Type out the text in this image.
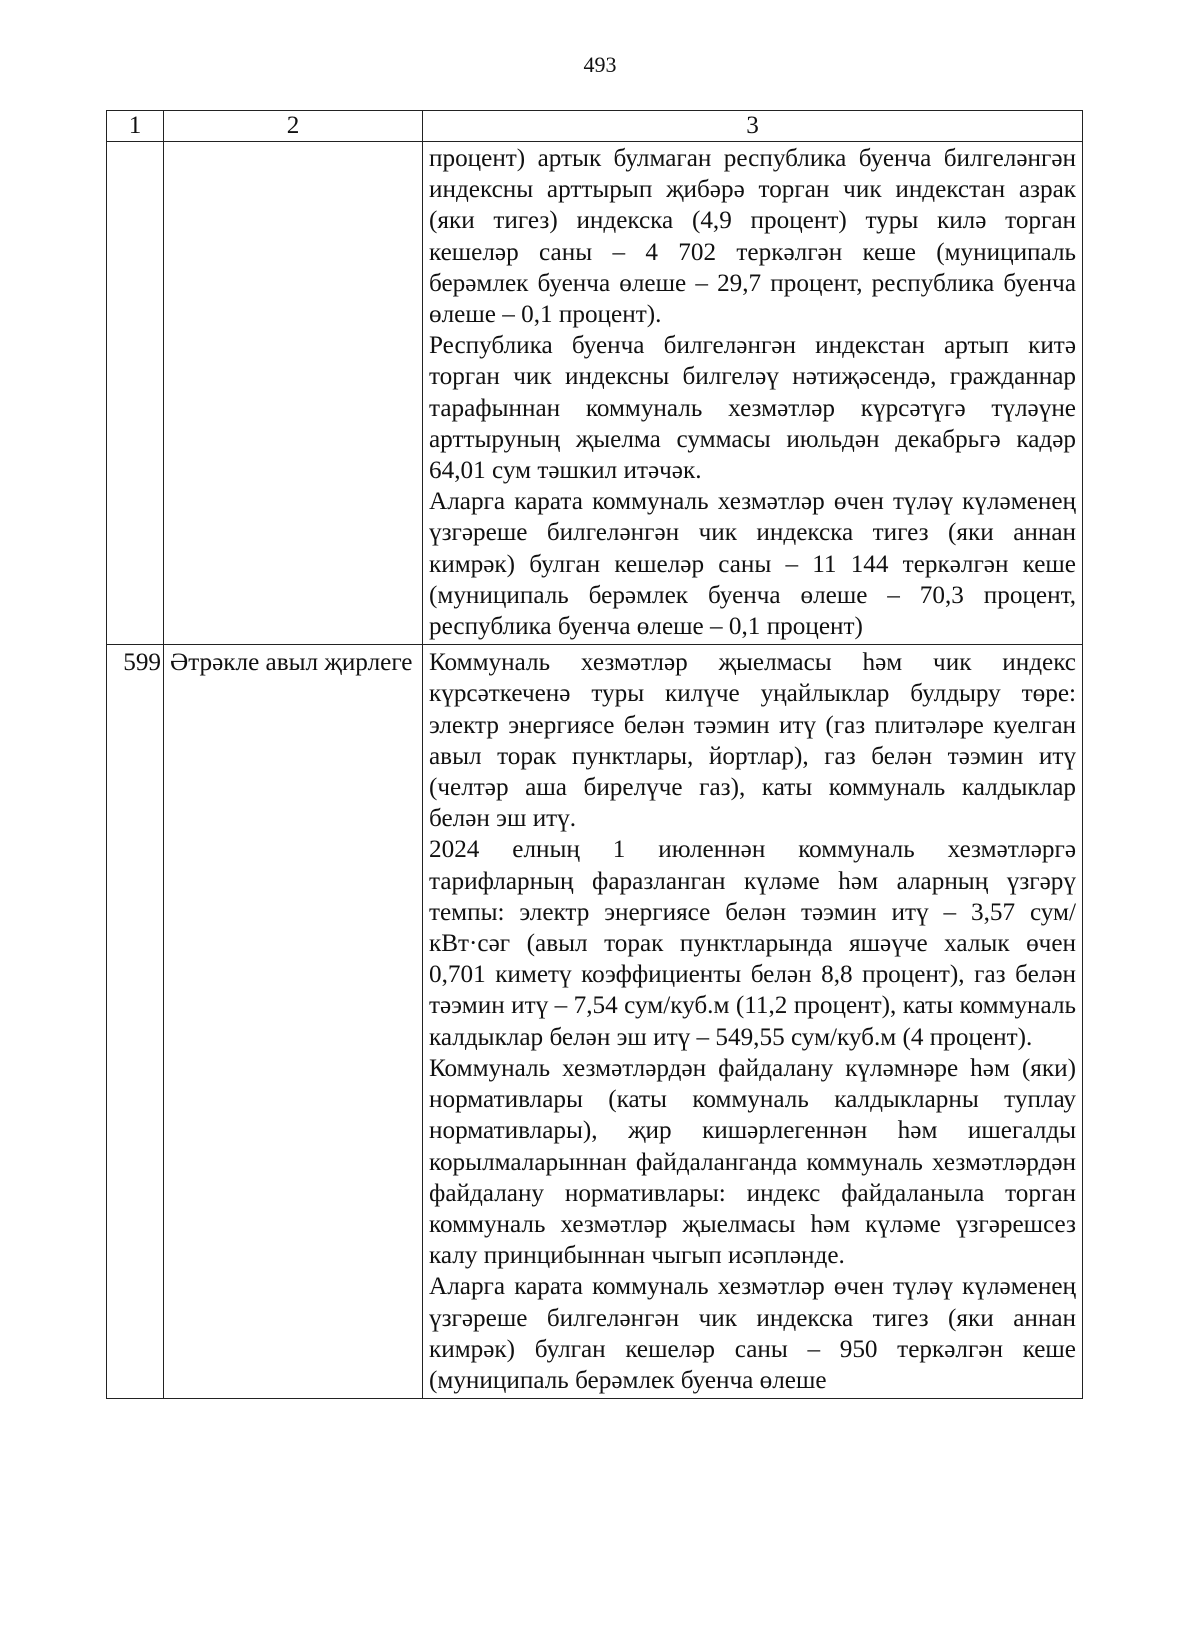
493
1	2	3

		процент) артык булмаган республика буенча билгеләнгән индексны арттырып җибәрә торган чик индекстан азрак (яки тигез) индекска (4,9 процент) туры килә торган кешеләр саны – 4 702 теркәлгән кеше (муниципаль берәмлек буенча өлеше – 29,7 процент, республика буенча өлеше – 0,1 процент).

Республика буенча билгеләнгән индекстан артып китә торган чик индексны билгеләү нәтиҗәсендә, гражданнар тарафыннан коммуналь хезмәтләр күрсәтүгә түләүне арттыруның җыелма суммасы июльдән декабрьгә кадәр 64,01 сум тәшкил итәчәк.

Аларга карата коммуналь хезмәтләр өчен түләү күләменең үзгәреше билгеләнгән чик индекска тигез (яки аннан кимрәк) булган кешеләр саны – 11 144 теркәлгән кеше (муниципаль берәмлек буенча өлеше – 70,3 процент, республика буенча өлеше – 0,1 процент)

599	Әтрәкле авыл җирлеге	Коммуналь хезмәтләр җыелмасы һәм чик индекс күрсәткеченә туры килүче уңайлыклар булдыру төре: электр энергиясе белән тәэмин итү (газ плитәләре куелган авыл торак пунктлары, йортлар), газ белән тәэмин итү (челтәр аша бирелүче газ), каты коммуналь калдыклар белән эш итү.

2024 елның 1 июленнән коммуналь хезмәтләргә тарифларның фаразланган күләме һәм аларның үзгәрү темпы: электр энергиясе белән тәэмин итү – 3,57 сум/кВт·сәг (авыл торак пунктларында яшәүче халык өчен 0,701 киметү коэффициенты белән 8,8 процент), газ белән тәэмин итү – 7,54 сум/куб.м (11,2 процент), каты коммуналь калдыклар белән эш итү – 549,55 сум/куб.м (4 процент).

Коммуналь хезмәтләрдән файдалану күләмнәре һәм (яки) нормативлары (каты коммуналь калдыкларны туплау нормативлары), җир кишәрлегеннән һәм ишегалды корылмаларыннан файдаланганда коммуналь хезмәтләрдән файдалану нормативлары: индекс файдаланыла торган коммуналь хезмәтләр җыелмасы һәм күләме үзгәрешсез калу принцибыннан чыгып исәпләнде.

Аларга карата коммуналь хезмәтләр өчен түләү күләменең үзгәреше билгеләнгән чик индекска тигез (яки аннан кимрәк) булган кешеләр саны – 950 теркәлгән кеше (муниципаль берәмлек буенча өлеше
